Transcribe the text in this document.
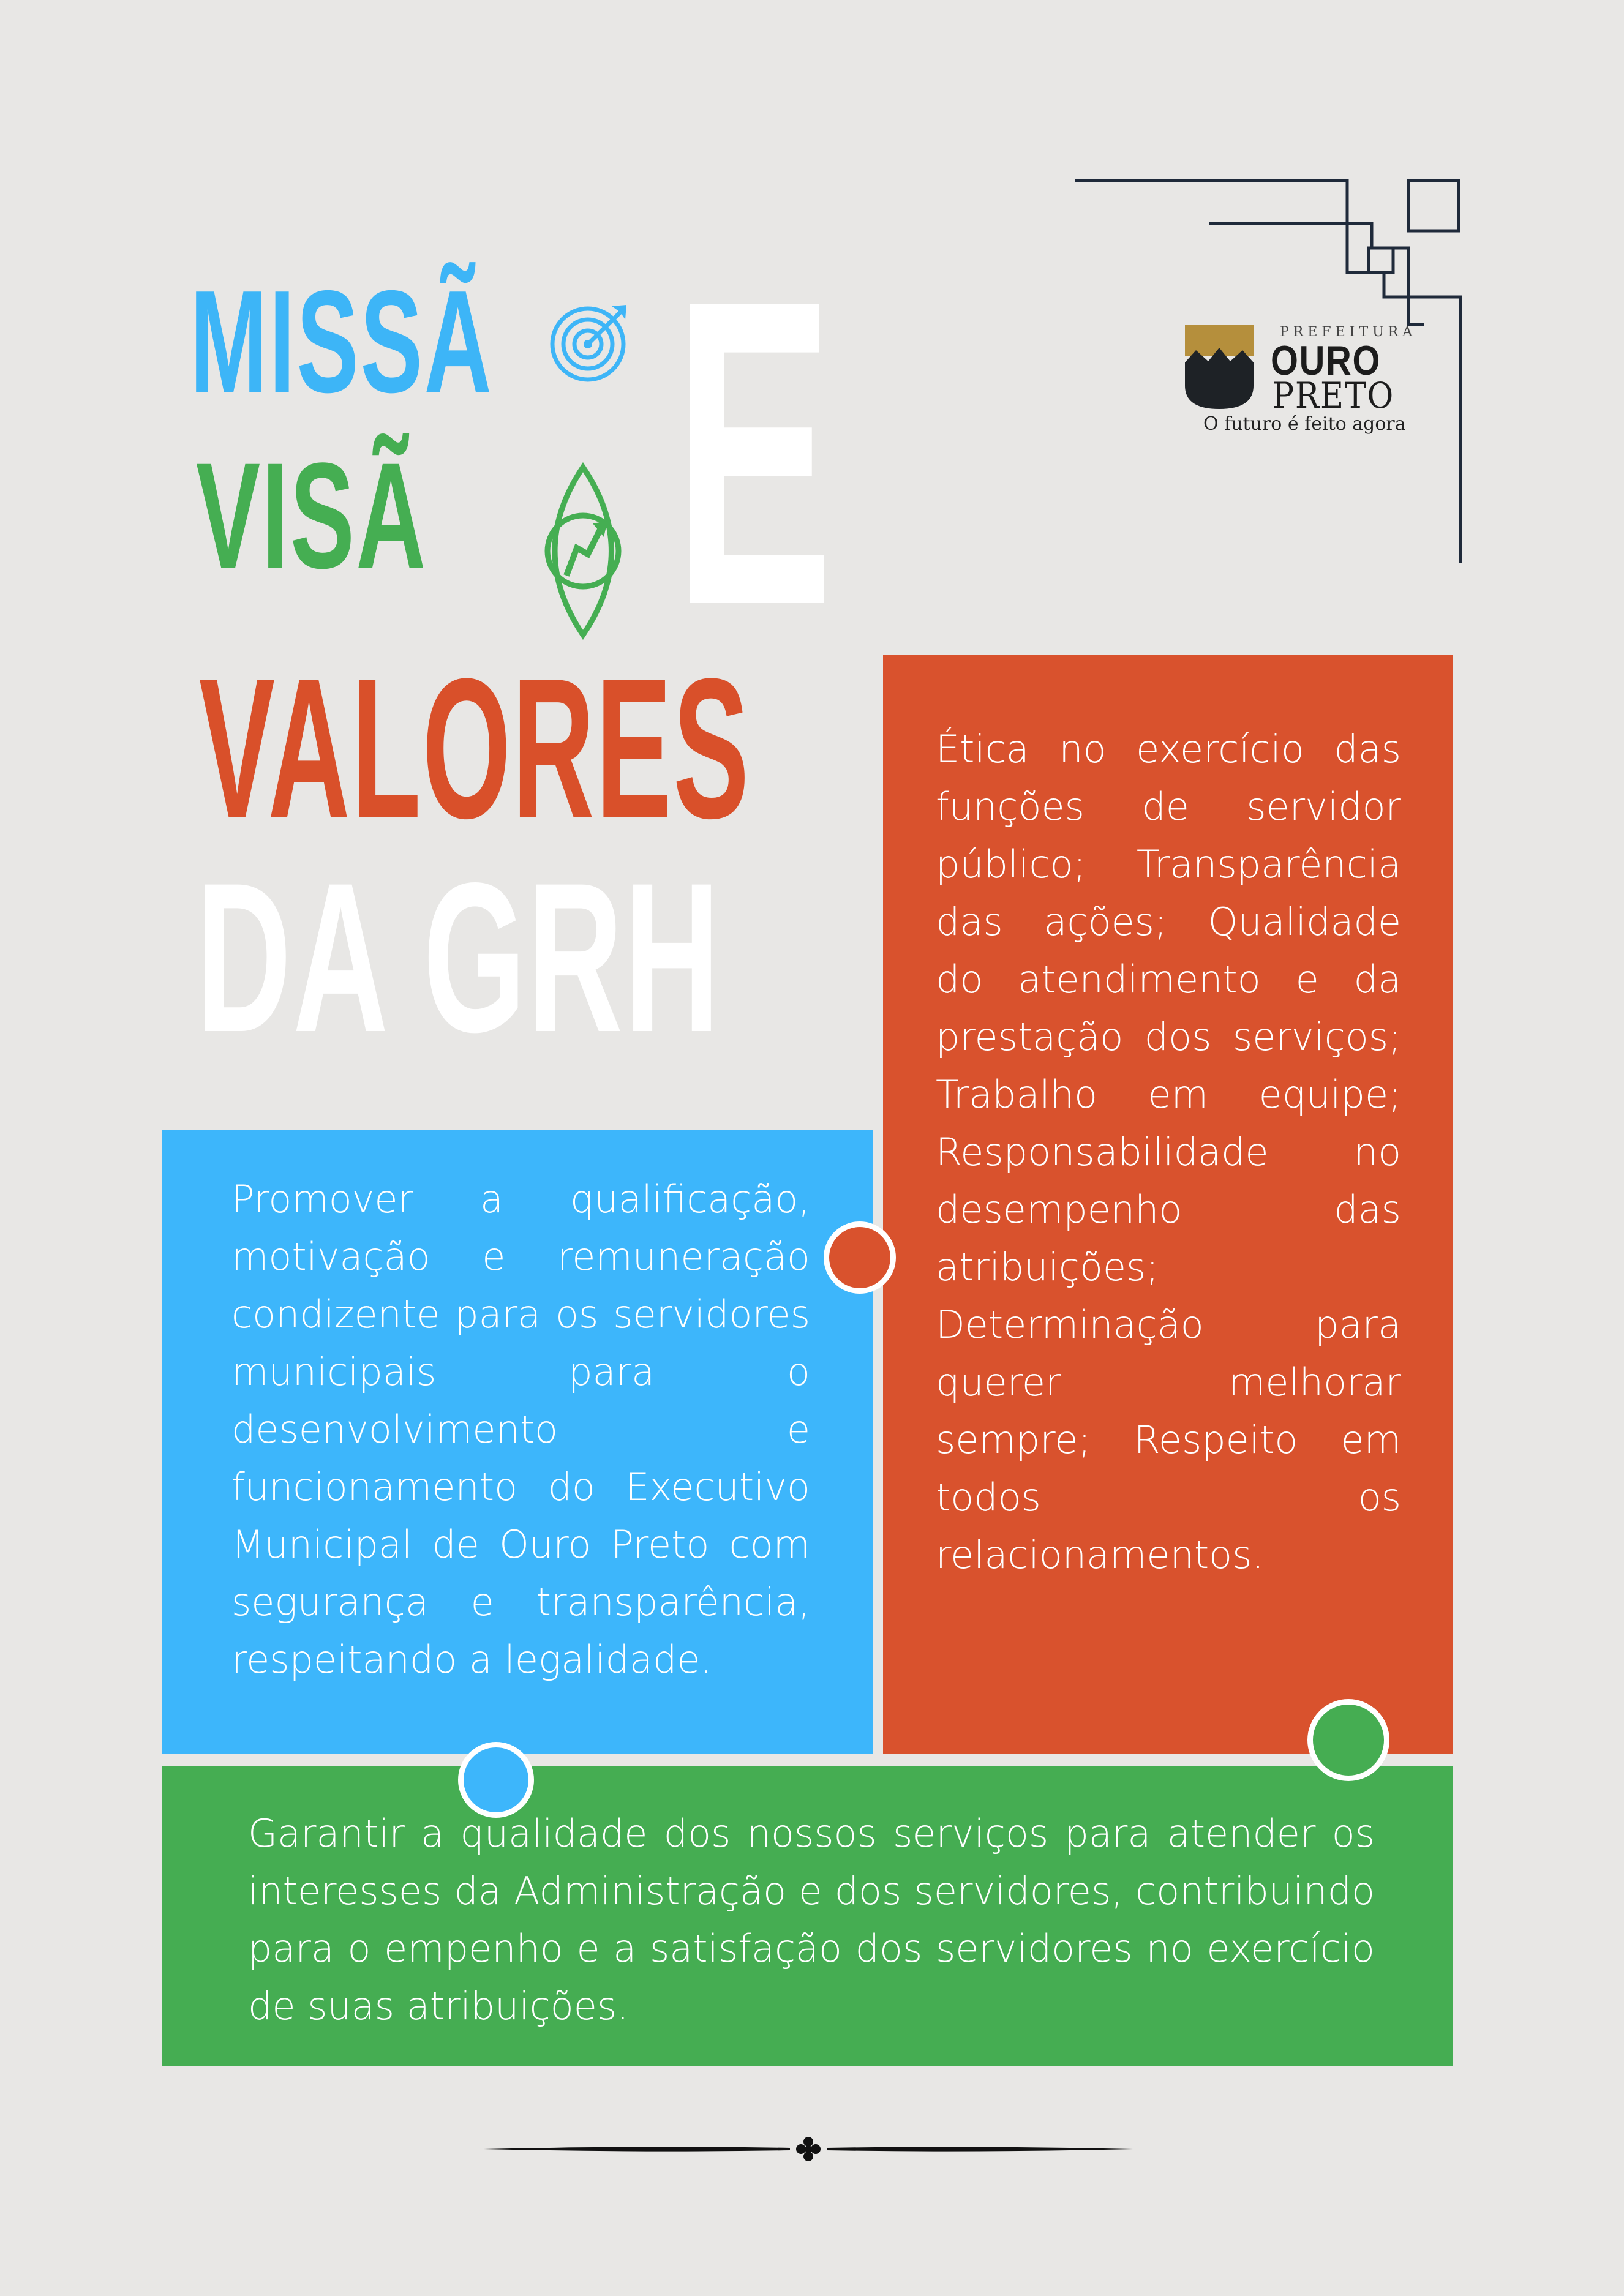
PREFEITURA
OURO
PRETO
O futuro é feito agora
MISSÃ
VISÃ
VALORES
DA GRH
E
Promover a qualificação, motivação e remuneração condizente para os servidores municipais para o desenvolvimento e funcionamento do Executivo Municipal de Ouro Preto com segurança e transparência, respeitando a legalidade.
Ética no exercício das funções de servidor público; Transparência das ações; Qualidade do atendimento e da prestação dos serviços; Trabalho em equipe; Responsabilidade no desempenho das atribuições; Determinação para querer melhorar sempre; Respeito em todos os relacionamentos.
Garantir a qualidade dos nossos serviços para atender os interesses da Administração e dos servidores, contribuindo para o empenho e a satisfação dos servidores no exercício de suas atribuições.
